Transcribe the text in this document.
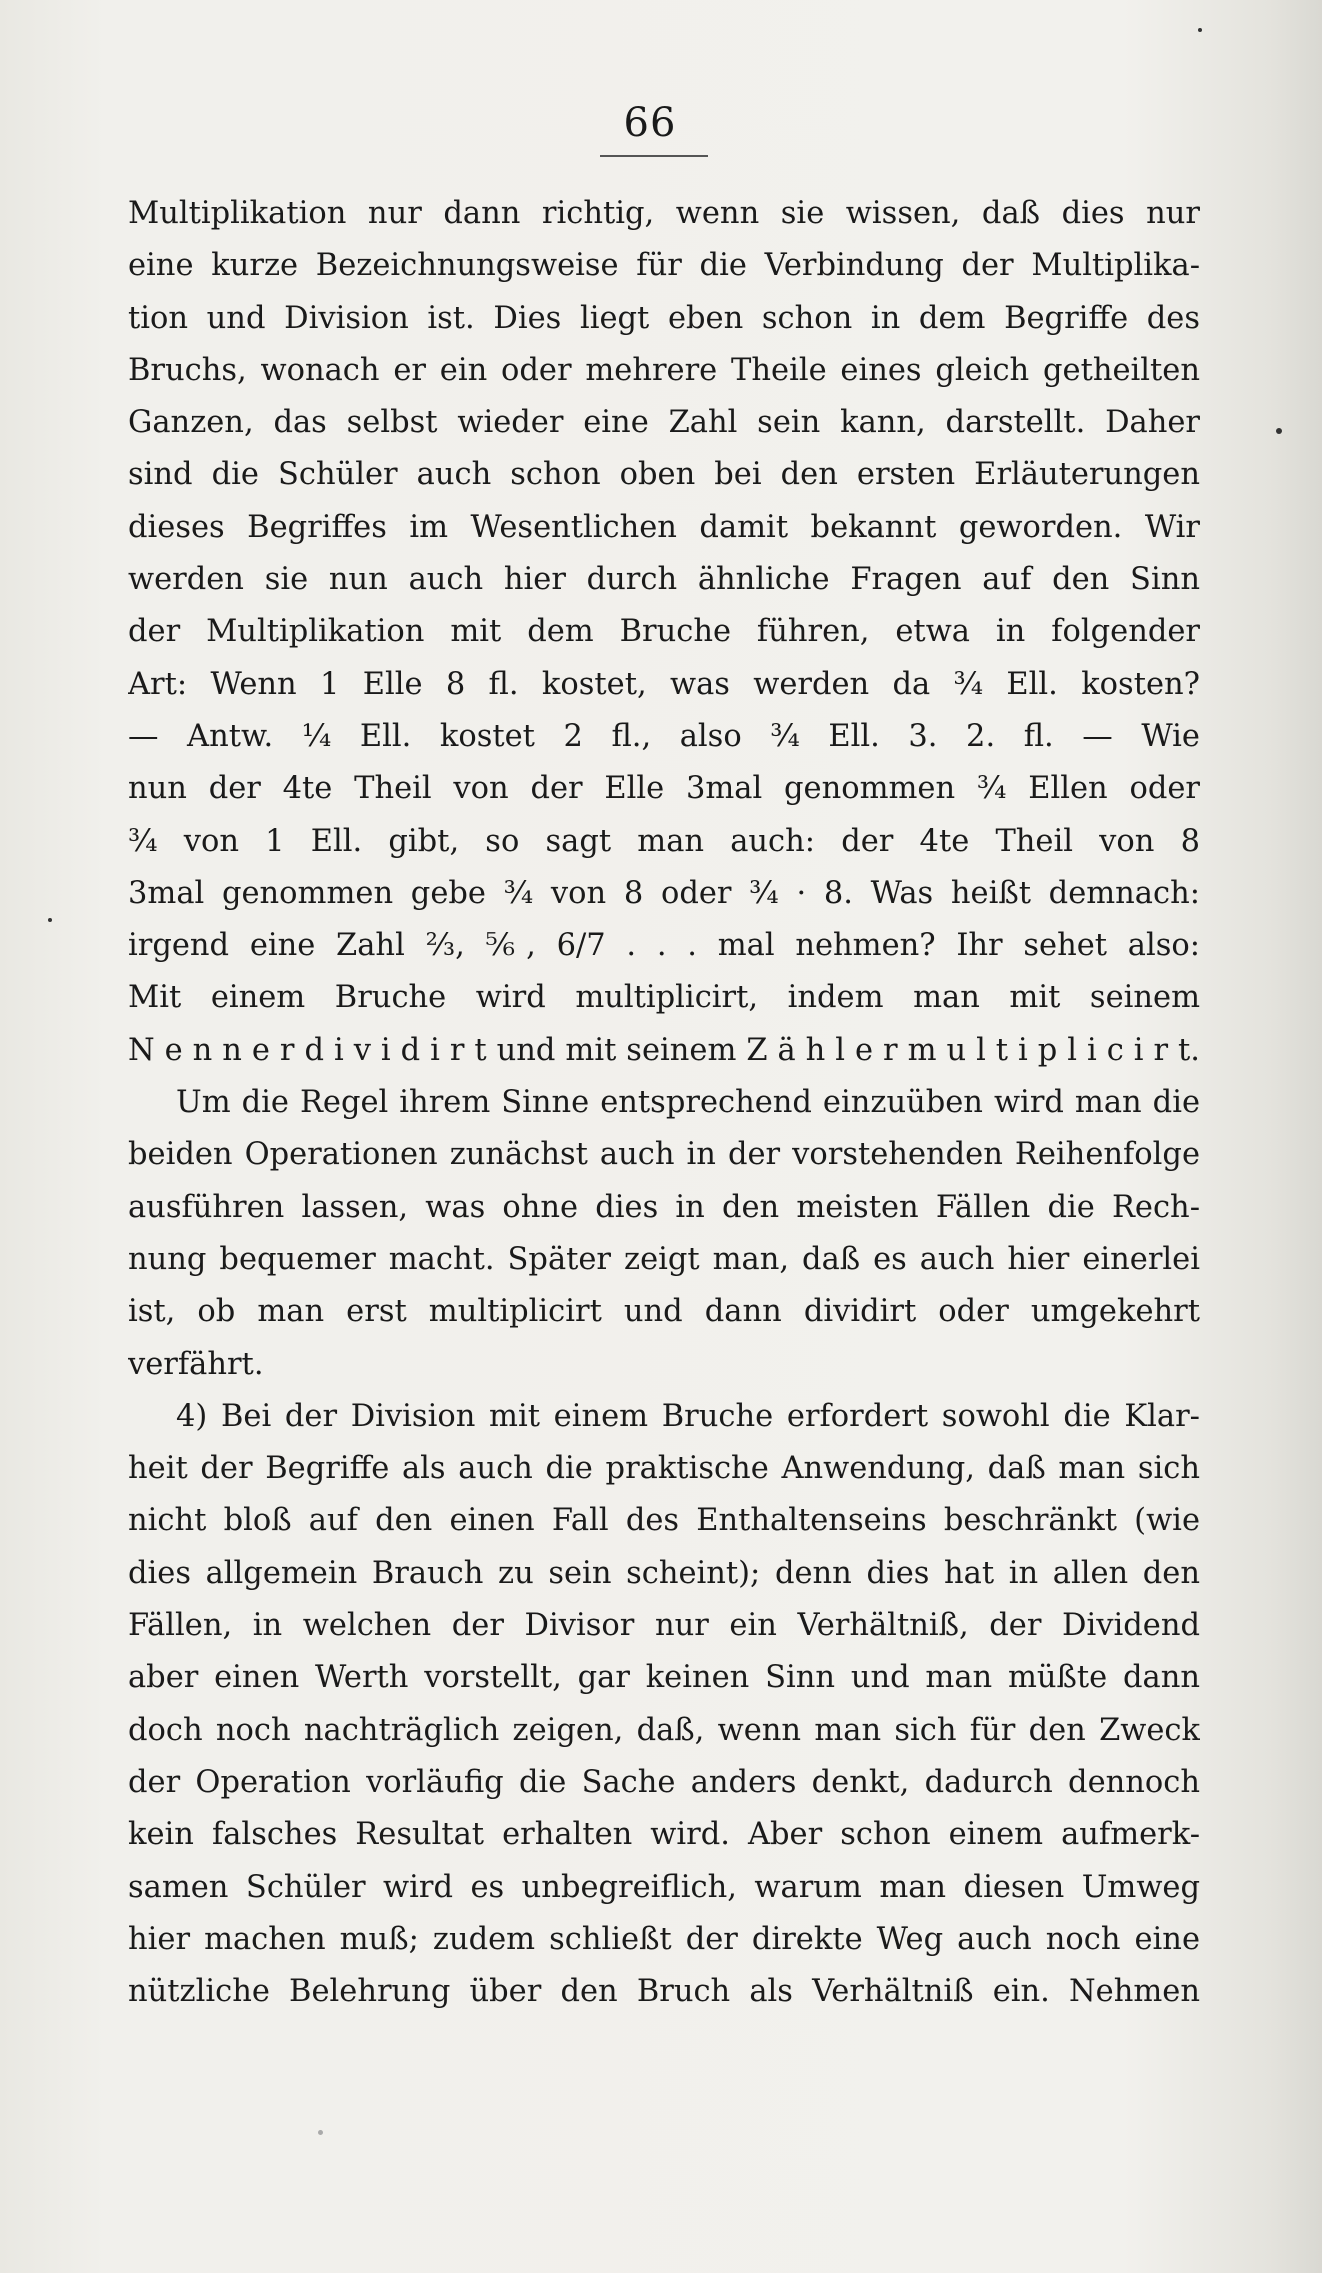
66
Multiplikation nur dann richtig, wenn sie wissen, daß dies nur
eine kurze Bezeichnungsweise für die Verbindung der Multiplika-
tion und Division ist. Dies liegt eben schon in dem Begriffe des
Bruchs, wonach er ein oder mehrere Theile eines gleich getheilten
Ganzen, das selbst wieder eine Zahl sein kann, darstellt. Daher
sind die Schüler auch schon oben bei den ersten Erläuterungen
dieses Begriffes im Wesentlichen damit bekannt geworden. Wir
werden sie nun auch hier durch ähnliche Fragen auf den Sinn
der Multiplikation mit dem Bruche führen, etwa in folgender
Art: Wenn 1 Elle 8 fl. kostet, was werden da ¾ Ell. kosten?
— Antw. ¼ Ell. kostet 2 fl., also ¾ Ell. 3. 2. fl. — Wie
nun der 4te Theil von der Elle 3mal genommen ¾ Ellen oder
¾ von 1 Ell. gibt, so sagt man auch: der 4te Theil von 8
3mal genommen gebe ¾ von 8 oder ¾ · 8. Was heißt demnach:
irgend eine Zahl ⅔, ⅚, 6/7 . . . mal nehmen? Ihr sehet also:
Mit einem Bruche wird multiplicirt, indem man mit seinem
N e n n e r d i v i d i r t und mit seinem Z ä h l e r m u l t i p l i c i r t.
Um die Regel ihrem Sinne entsprechend einzuüben wird man die
beiden Operationen zunächst auch in der vorstehenden Reihenfolge
ausführen lassen, was ohne dies in den meisten Fällen die Rech-
nung bequemer macht. Später zeigt man, daß es auch hier einerlei
ist, ob man erst multiplicirt und dann dividirt oder umgekehrt
verfährt.
4) Bei der Division mit einem Bruche erfordert sowohl die Klar-
heit der Begriffe als auch die praktische Anwendung, daß man sich
nicht bloß auf den einen Fall des Enthaltenseins beschränkt (wie
dies allgemein Brauch zu sein scheint); denn dies hat in allen den
Fällen, in welchen der Divisor nur ein Verhältniß, der Dividend
aber einen Werth vorstellt, gar keinen Sinn und man müßte dann
doch noch nachträglich zeigen, daß, wenn man sich für den Zweck
der Operation vorläufig die Sache anders denkt, dadurch dennoch
kein falsches Resultat erhalten wird. Aber schon einem aufmerk-
samen Schüler wird es unbegreiflich, warum man diesen Umweg
hier machen muß; zudem schließt der direkte Weg auch noch eine
nützliche Belehrung über den Bruch als Verhältniß ein. Nehmen
